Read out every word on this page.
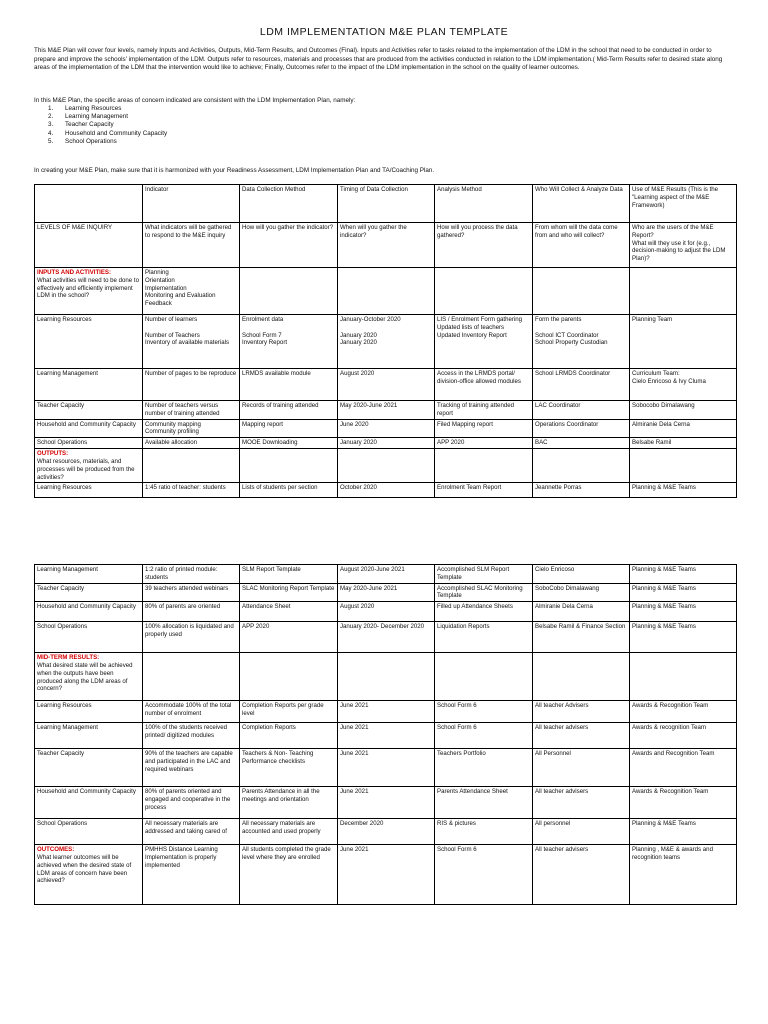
LDM IMPLEMENTATION M&E PLAN TEMPLATE
This M&E Plan will cover four levels, namely Inputs and Activities, Outputs, Mid-Term Results, and Outcomes (Final). Inputs and Activities refer to tasks related to the implementation of the LDM in the school that need to be conducted in order to prepare and improve the schools' implementation of the LDM. Outputs refer to resources, materials and processes that are produced from the activities conducted in relation to the LDM implementation.( Mid-Term Results refer to desired state along areas of the implementation of the LDM that the intervention would like to achieve; Finally, Outcomes refer to the impact of the LDM implementation in the school on the quality of learner outcomes.
In this M&E Plan, the specific areas of concern indicated are consistent with the LDM Implementation Plan, namely:
1. Learning Resources
2. Learning Management
3. Teacher Capacity
4. Household and Community Capacity
5. School Operations
In creating your M&E Plan, make sure that it is harmonized with your Readiness Assessment, LDM Implementation Plan and TA/Coaching Plan.
	Indicator	Data Collection Method	Timing of Data Collection	Analysis Method	Who Will Collect & Analyze Data	Use of M&E Results (This is the "Learning aspect of the M&E Framework)
LEVELS OF M&E INQUIRY	What indicators will be gathered to respond to the M&E inquiry	How will you gather the indicator?	When will you gather the indicator?	How will you process the data gathered?	From whom will the data come from and who will collect?	Who are the users of the M&E Report?
What will they use it for (e.g., decision-making to adjust the LDM Plan)?
INPUTS AND ACTIVITIES:
What activities will need to be done to effectively and efficiently implement LDM in the school?	Planning
Orientation
Implementation
Monitoring and Evaluation
Feedback					
Learning Resources	Number of learners

Number of Teachers
Inventory of available materials	Enrolment data

School Form 7
Inventory Report	January-October 2020

January 2020
January 2020	LIS / Enrolment Form gathering
Updated lists of teachers
Updated Inventory Report	Form the parents

School ICT Coordinator
School Property Custodian	Planning Team
Learning Management	Number of pages to be reproduce	LRMDS available module	August 2020	Access in the LRMDS portal/ division-office allowed modules	School LRMDS Coordinator	Curriculum Team:
Cielo Enricoso & Ivy Cluma
Teacher Capacity	Number of teachers versus number of training attended	Records of training attended	May 2020-June 2021	Tracking of training attended report	LAC Coordinator	Sobocobo Dimalawang
Household and Community Capacity	Community mapping
Community profiling	Mapping report	June 2020	Filed Mapping report	Operations Coordinator	Almiranie Dela Cerna
School Operations	Available allocation	MOOE Downloading	January 2020	APP 2020	BAC	Belsabe Ramil
OUTPUTS:
What resources, materials, and processes will be produced from the activities?						
Learning Resources	1:45 ratio of teacher: students	Lists of students per section	October 2020	Enrolment Team Report	Jeannette Porras	Planning & M&E Teams
Learning Management	1:2 ratio of printed module: students	SLM Report Template	August 2020-June 2021	Accomplished SLM Report Template	Cielo Enricoso	Planning & M&E Teams
Teacher Capacity	39 teachers attended webinars	SLAC Monitoring Report Template	May 2020-June 2021	Accomplished SLAC Monitoring Template	SoboCobo Dimalawang	Planning & M&E Teams
Household and Community Capacity	80% of parents are oriented	Attendance Sheet	August 2020	Filled up Attendance Sheets	Almiranie Dela Cerna	Planning & M&E Teams
School Operations	100% allocation is liquidated and properly used	APP 2020	January 2020- December 2020	Liquidation Reports	Belsabe Ramil & Finance Section	Planning & M&E Teams
MID-TERM RESULTS:
What desired state will be achieved when the outputs have been produced along the LDM areas of concern?						
Learning Resources	Accommodate 100% of the total number of enrolment	Completion Reports per grade level	June 2021	School Form 6	All teacher Advisers	Awards & Recognition Team
Learning Management	100% of the students received printed/ digitized modules	Completion Reports	June 2021	School Form 6	All teacher advisers	Awards & recognition Team
Teacher Capacity	90% of the teachers are capable and participated in the LAC and required webinars	Teachers & Non- Teaching Performance checklists	June 2021	Teachers Portfolio	All Personnel	Awards and Recognition Team
Household and Community Capacity	80% of parents oriented and engaged and cooperative in the process	Parents Attendance in all the meetings and orientation	June 2021	Parents Attendance Sheet	All teacher advisers	Awards & Recognition Team
School Operations	All necessary materials are addressed and taking cared of	All necessary materials are accounted and used properly	December 2020	RIS & pictures	All personnel	Planning & M&E Teams
OUTCOMES:
What learner outcomes will be achieved when the desired state of LDM areas of concern have been achieved?	PMHHS Distance Learning Implementation is properly implemented	All students completed the grade level where they are enrolled	June 2021	School Form 6	All teacher advisers	Planning , M&E & awards and recognition teams
